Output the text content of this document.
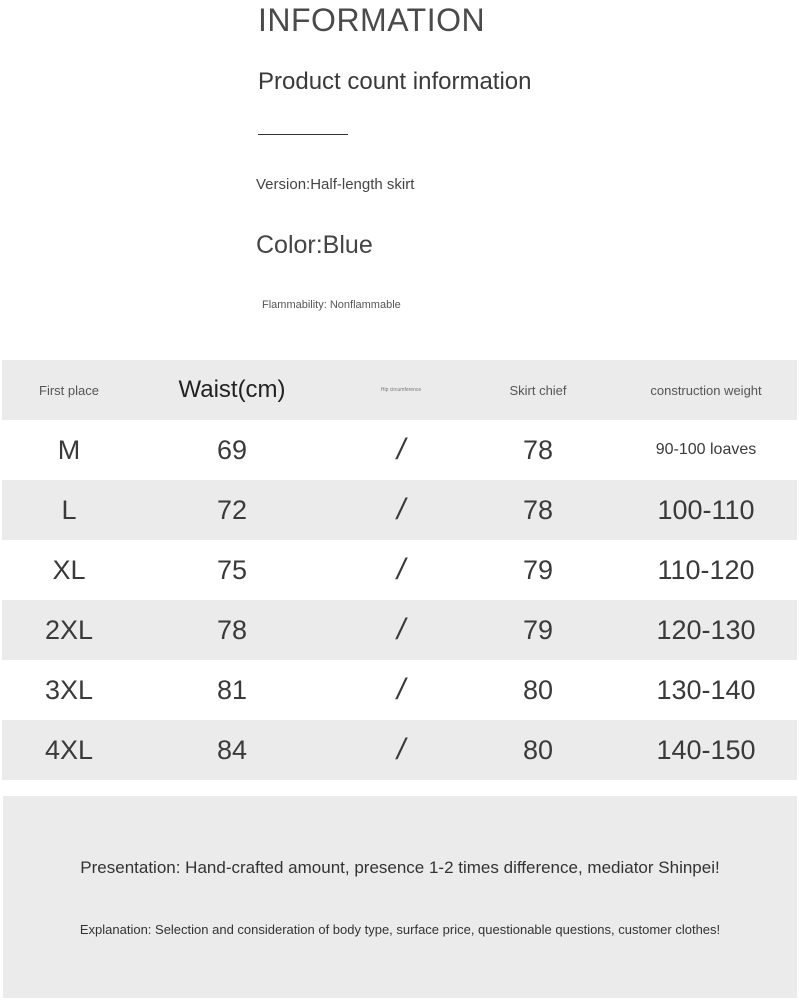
INFORMATION
Product count information
Version:Half-length skirt
Color:Blue
Flammability: Nonflammable
First place	Waist(cm)	Hip circumference	Skirt chief	construction weight
M	69	/	78	90-100 loaves
L	72	/	78	100-110
XL	75	/	79	110-120
2XL	78	/	79	120-130
3XL	81	/	80	130-140
4XL	84	/	80	140-150
Presentation: Hand-crafted amount, presence 1-2 times difference, mediator Shinpei!
Explanation: Selection and consideration of body type, surface price, questionable questions, customer clothes!
